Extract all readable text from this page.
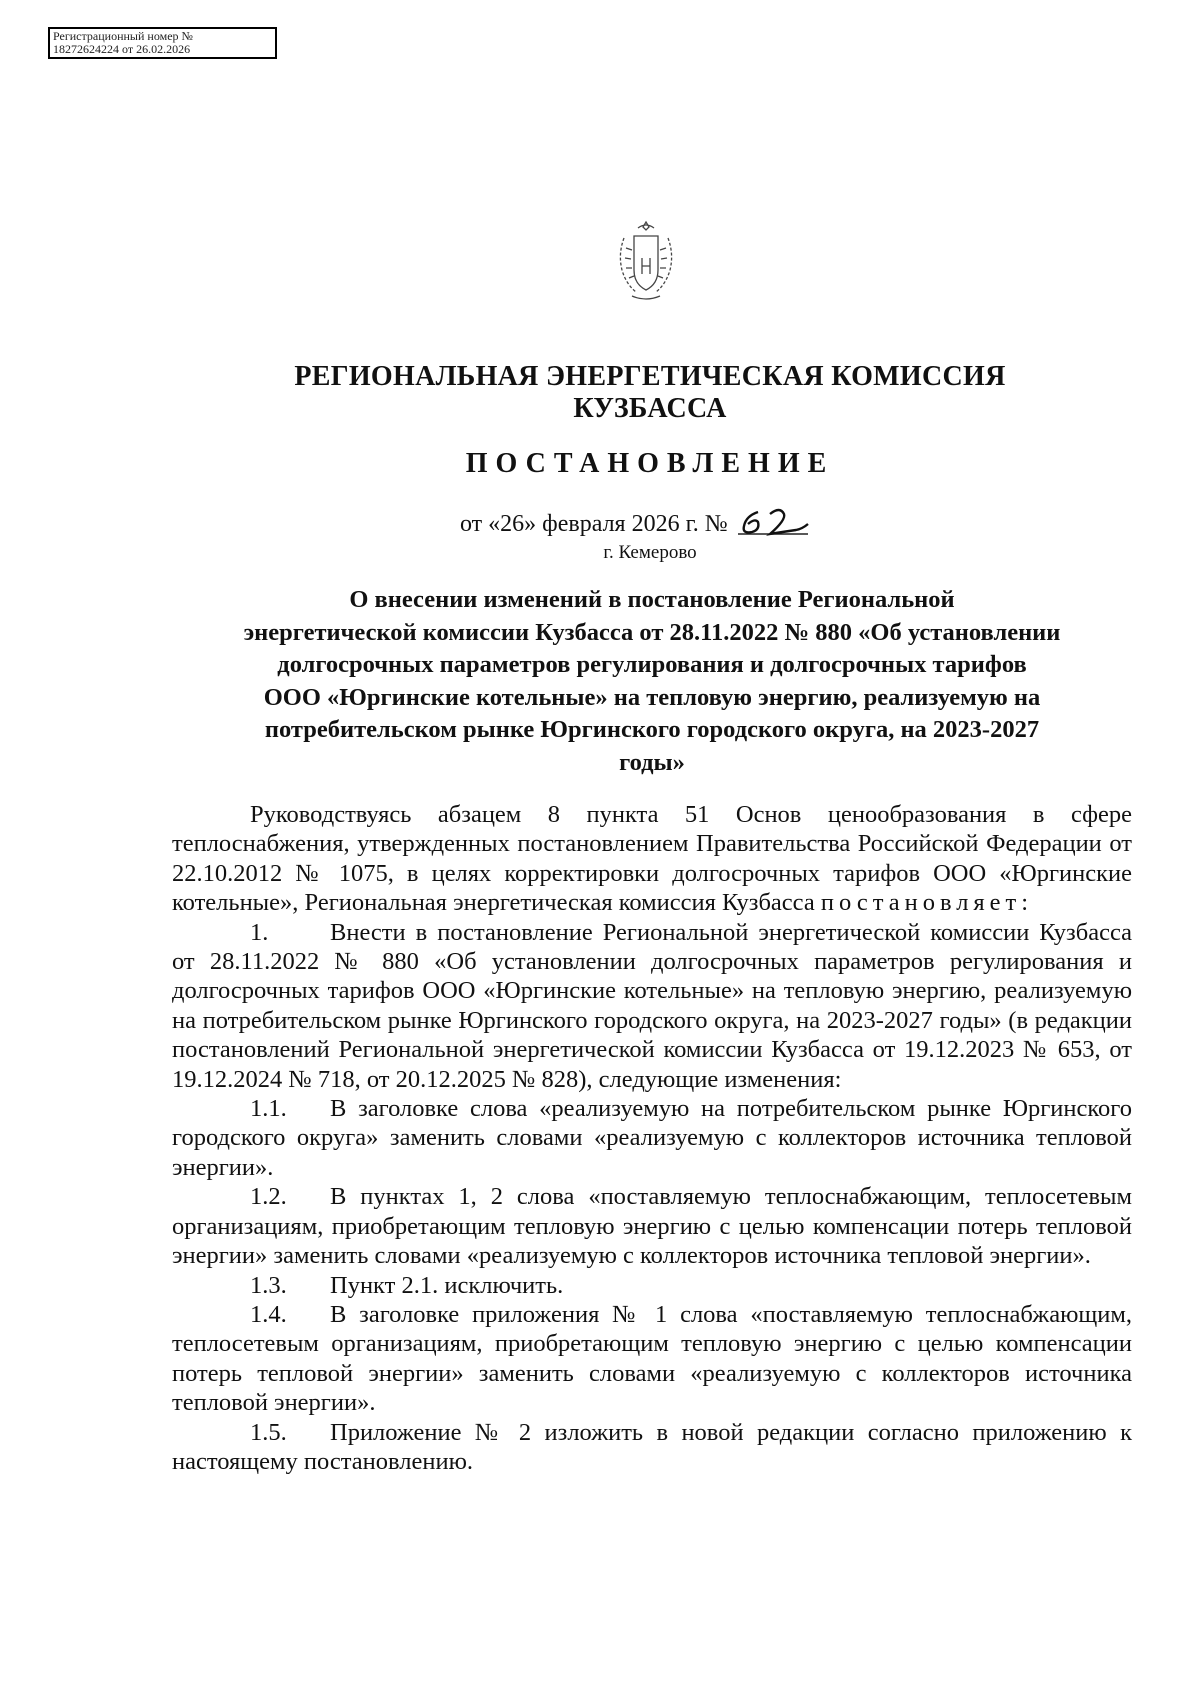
Регистрационный номер №
18272624224 от 26.02.2026
РЕГИОНАЛЬНАЯ ЭНЕРГЕТИЧЕСКАЯ КОМИССИЯ
КУЗБАССА
ПОСТАНОВЛЕНИЕ
от «26» февраля 2026 г. №
г. Кемерово
О внесении изменений в постановление Региональной
энергетической комиссии Кузбасса от 28.11.2022 № 880 «Об установлении
долгосрочных параметров регулирования и долгосрочных тарифов
ООО «Юргинские котельные» на тепловую энергию, реализуемую на
потребительском рынке Юргинского городского округа, на 2023-2027
годы»

Руководствуясь абзацем 8 пункта 51 Основ ценообразования в сфере теплоснабжения, утвержденных постановлением Правительства Российской Федерации от 22.10.2012 № 1075, в целях корректировки долгосрочных тарифов ООО «Юргинские котельные», Региональная энергетическая комиссия Кузбасса постановляет:

1.	Внести в постановление Региональной энергетической комиссии Кузбасса от 28.11.2022 № 880 «Об установлении долгосрочных параметров регулирования и долгосрочных тарифов ООО «Юргинские котельные» на тепловую энергию, реализуемую на потребительском рынке Юргинского городского округа, на 2023-2027 годы» (в редакции постановлений Региональной энергетической комиссии Кузбасса от 19.12.2023 № 653, от 19.12.2024 № 718, от 20.12.2025 № 828), следующие изменения:

1.1. В заголовке слова «реализуемую на потребительском рынке Юргинского городского округа» заменить словами «реализуемую с коллекторов источника тепловой энергии».

1.2. В пунктах 1, 2 слова «поставляемую теплоснабжающим, теплосетевым организациям, приобретающим тепловую энергию с целью компенсации потерь тепловой энергии» заменить словами «реализуемую с коллекторов источника тепловой энергии».

1.3. Пункт 2.1. исключить.

1.4. В заголовке приложения № 1 слова «поставляемую теплоснабжающим, теплосетевым организациям, приобретающим тепловую энергию с целью компенсации потерь тепловой энергии» заменить словами «реализуемую с коллекторов источника тепловой энергии».

1.5. Приложение № 2 изложить в новой редакции согласно приложению к настоящему постановлению.
